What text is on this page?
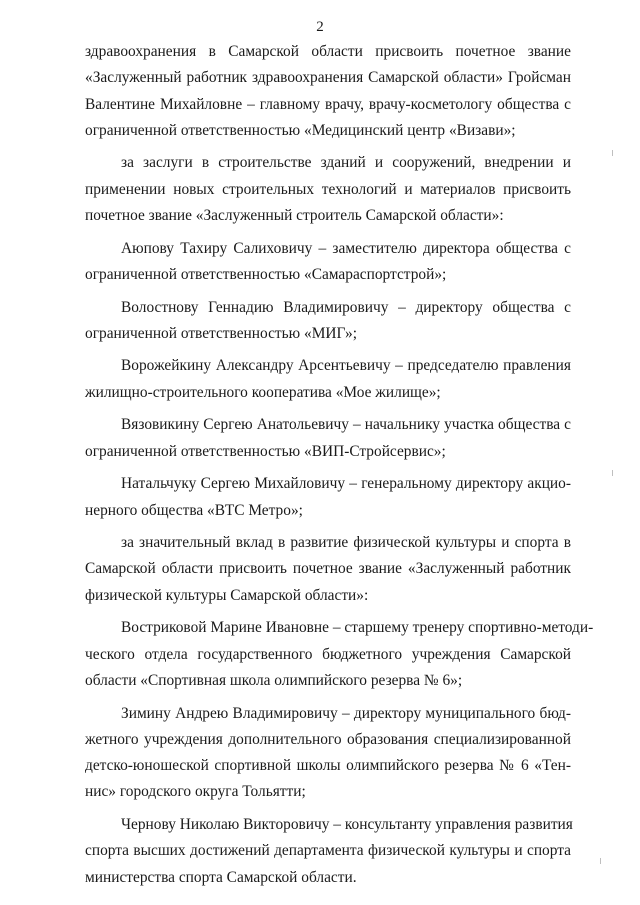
2

здравоохранения в Самарской области присвоить почетное звание
«Заслуженный работник здравоохранения Самарской области» Гройсман
Валентине Михайловне – главному врачу, врачу-косметологу общества с
ограниченной ответственностью «Медицинский центр «Визави»;

за заслуги в строительстве зданий и сооружений, внедрении и
применении новых строительных технологий и материалов присвоить
почетное звание «Заслуженный строитель Самарской области»:

Аюпову Тахиру Салиховичу – заместителю директора общества с
ограниченной ответственностью «Самараспортстрой»;

Волостнову Геннадию Владимировичу – директору общества с
ограниченной ответственностью «МИГ»;

Ворожейкину Александру Арсентьевичу – председателю правления
жилищно-строительного кооператива «Мое жилище»;

Вязовикину Сергею Анатольевичу – начальнику участка общества с
ограниченной ответственностью «ВИП-Стройсервис»;

Натальчуку Сергею Михайловичу – генеральному директору акцио-
нерного общества «ВТС Метро»;

за значительный вклад в развитие физической культуры и спорта в
Самарской области присвоить почетное звание «Заслуженный работник
физической культуры Самарской области»:

Востриковой Марине Ивановне – старшему тренеру спортивно-методи-
ческого отдела государственного бюджетного учреждения Самарской
области «Спортивная школа олимпийского резерва № 6»;

Зимину Андрею Владимировичу – директору муниципального бюд-
жетного учреждения дополнительного образования специализированной
детско-юношеской спортивной школы олимпийского резерва № 6 «Тен-
нис» городского округа Тольятти;

Чернову Николаю Викторовичу – консультанту управления развития
спорта высших достижений департамента физической культуры и спорта
министерства спорта Самарской области.
